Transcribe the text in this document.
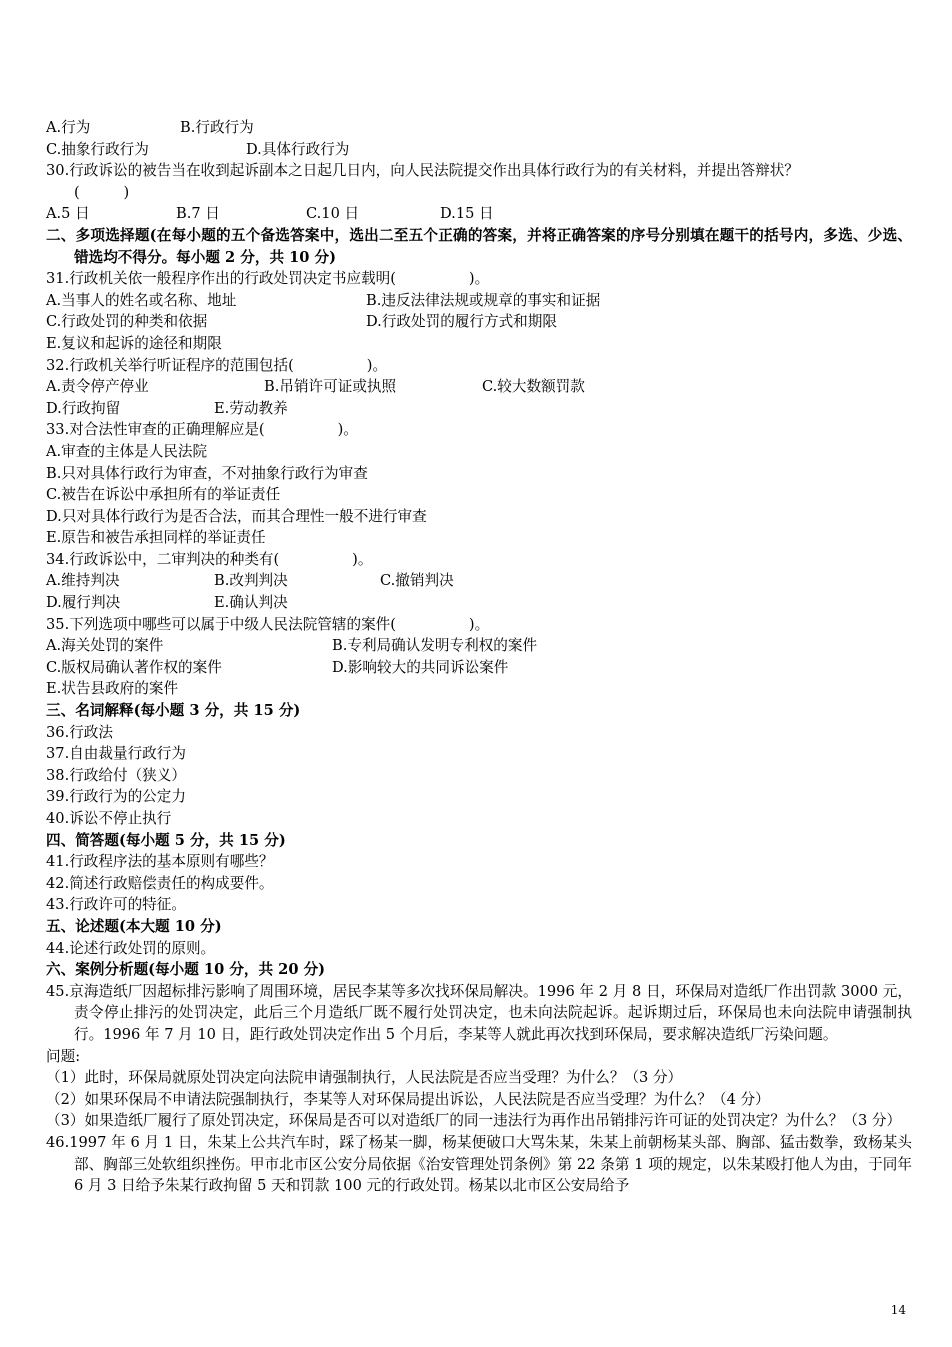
A.行为	B.行政行为
C.抽象行政行为	D.具体行政行为
30.行政诉讼的被告当在收到起诉副本之日起几日内，向人民法院提交作出具体行政行为的有关材料，并提出答辩状？
(　　　)
A.5 日	B.7 日	C.10 日	D.15 日
二、多项选择题(在每小题的五个备选答案中，选出二至五个正确的答案，并将正确答案的序号分别填在题干的括号内，多选、少选、错选均不得分。每小题 2 分，共 10 分)
31.行政机关依一般程序作出的行政处罚决定书应载明(　　　　　)。
A.当事人的姓名或名称、地址	B.违反法律法规或规章的事实和证据
C.行政处罚的种类和依据	D.行政处罚的履行方式和期限
E.复议和起诉的途径和期限
32.行政机关举行听证程序的范围包括(　　　　　)。
A.责令停产停业	B.吊销许可证或执照	C.较大数额罚款
D.行政拘留	E.劳动教养
33.对合法性审查的正确理解应是(　　　　　)。
A.审查的主体是人民法院
B.只对具体行政行为审查，不对抽象行政行为审查
C.被告在诉讼中承担所有的举证责任
D.只对具体行政行为是否合法，而其合理性一般不进行审查
E.原告和被告承担同样的举证责任
34.行政诉讼中，二审判决的种类有(　　　　　)。
A.维持判决	B.改判判决	C.撤销判决
D.履行判决	E.确认判决
35.下列选项中哪些可以属于中级人民法院管辖的案件(　　　　　)。
A.海关处罚的案件	B.专利局确认发明专利权的案件
C.版权局确认著作权的案件	D.影响较大的共同诉讼案件
E.状告县政府的案件
三、名词解释(每小题 3 分，共 15 分)
36.行政法
37.自由裁量行政行为
38.行政给付（狭义）
39.行政行为的公定力
40.诉讼不停止执行
四、简答题(每小题 5 分，共 15 分)
41.行政程序法的基本原则有哪些？
42.简述行政赔偿责任的构成要件。
43.行政许可的特征。
五、论述题(本大题 10 分)
44.论述行政处罚的原则。
六、案例分析题(每小题 10 分，共 20 分)
45.京海造纸厂因超标排污影响了周围环境，居民李某等多次找环保局解决。1996 年 2 月 8 日，环保局对造纸厂作出罚款 3000 元，责令停止排污的处罚决定，此后三个月造纸厂既不履行处罚决定，也未向法院起诉。起诉期过后，环保局也未向法院申请强制执行。1996 年 7 月 10 日，距行政处罚决定作出 5 个月后，李某等人就此再次找到环保局，要求解决造纸厂污染问题。
问题:
（1）此时，环保局就原处罚决定向法院申请强制执行，人民法院是否应当受理？为什么？（3 分）
（2）如果环保局不申请法院强制执行，李某等人对环保局提出诉讼，人民法院是否应当受理？为什么？（4 分）
（3）如果造纸厂履行了原处罚决定，环保局是否可以对造纸厂的同一违法行为再作出吊销排污许可证的处罚决定？为什么？（3 分）
46.1997 年 6 月 1 日，朱某上公共汽车时，踩了杨某一脚，杨某便破口大骂朱某，朱某上前朝杨某头部、胸部、猛击数拳，致杨某头部、胸部三处软组织挫伤。甲市北市区公安分局依据《治安管理处罚条例》第 22 条第 1 项的规定，以朱某殴打他人为由，于同年 6 月 3 日给予朱某行政拘留 5 天和罚款 100 元的行政处罚。杨某以北市区公安局给予
14
